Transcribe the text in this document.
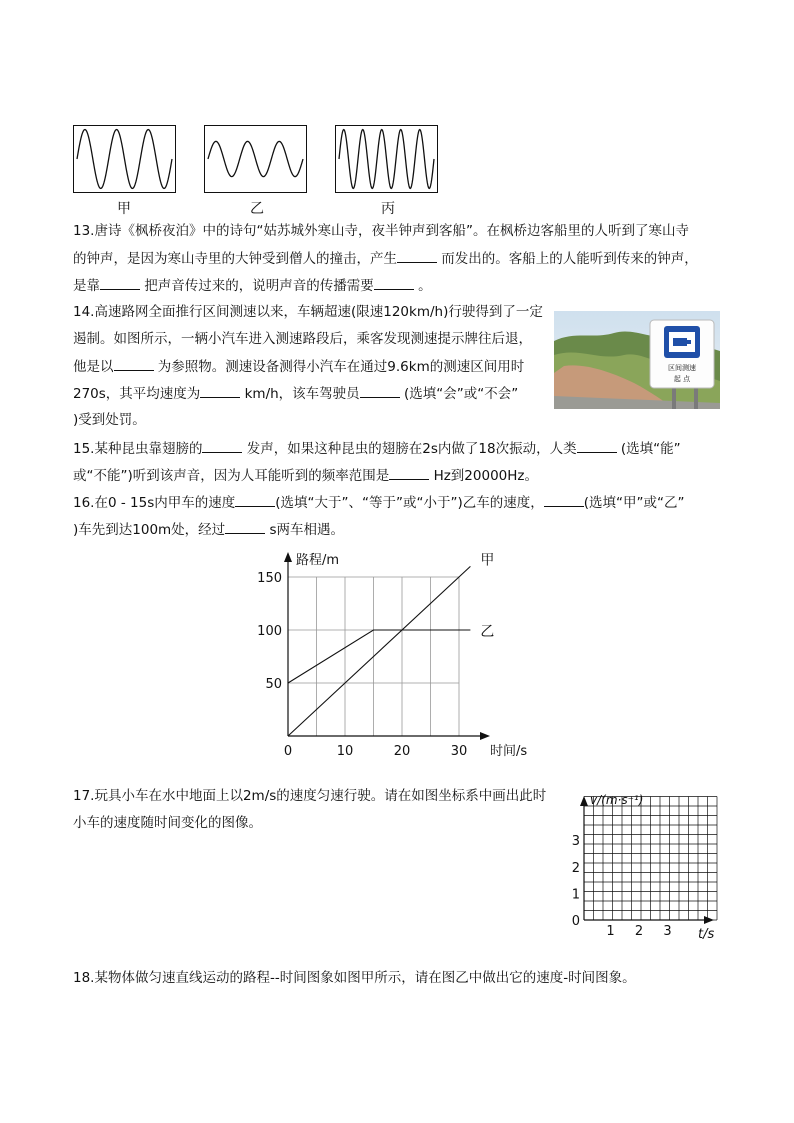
甲	乙	丙
13.唐诗《枫桥夜泊》中的诗句“姑苏城外寒山寺，夜半钟声到客船”。在枫桥边客船里的人听到了寒山寺
的钟声，是因为寒山寺里的大钟受到僧人的撞击，产生	而发出的。客船上的人能听到传来的钟声，
是靠	把声音传过来的，说明声音的传播需要	。
14.高速路网全面推行区间测速以来，车辆超速(限速120km/h)行驶得到了一定
遏制。如图所示，一辆小汽车进入测速路段后，乘客发现测速提示牌往后退，
他是以	为参照物。测速设备测得小汽车在通过9.6km的测速区间用时
270s，其平均速度为	km/h，该车驾驶员	(选填“会”或“不会”
)受到处罚。
区间测速
起 点
15.某种昆虫靠翅膀的	发声，如果这种昆虫的翅膀在2s内做了18次振动，人类	(选填“能”
或“不能”)听到该声音，因为人耳能听到的频率范围是	Hz到20000Hz。
16.在0 - 15s内甲车的速度	(选填“大于”、“等于”或“小于”)乙车的速度，	(选填“甲”或“乙”
)车先到达100m处，经过	s两车相遇。
0	10	20	30
50
100
150
路程/m
时间/s
甲
乙
17.玩具小车在水中地面上以2m/s的速度匀速行驶。请在如图坐标系中画出此时
小车的速度随时间变化的图像。
1 2 3
0
1
2
3
v/(m·s⁻¹)
t/s
18.某物体做匀速直线运动的路程--时间图象如图甲所示，请在图乙中做出它的速度-时间图象。
